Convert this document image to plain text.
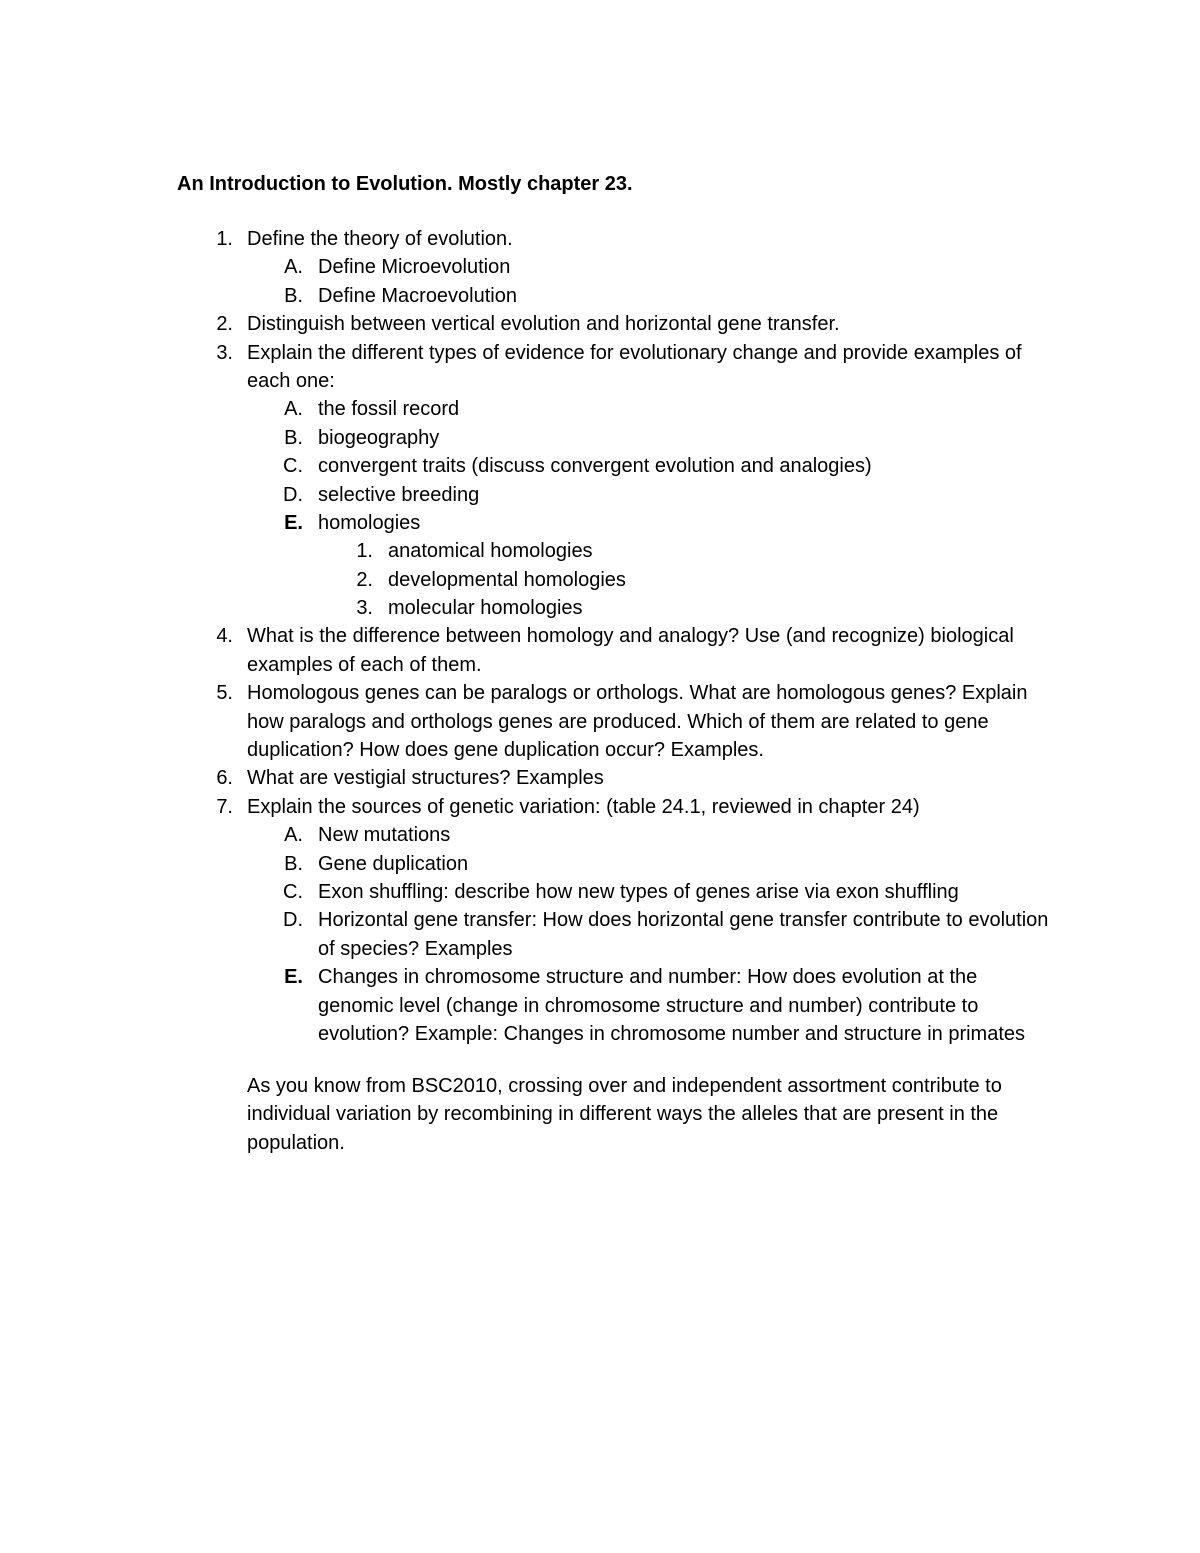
An Introduction to Evolution. Mostly chapter 23.
1. Define the theory of evolution.
A. Define Microevolution
B. Define Macroevolution
2. Distinguish between vertical evolution and horizontal gene transfer.
3. Explain the different types of evidence for evolutionary change and provide examples of
each one:
A. the fossil record
B. biogeography
C. convergent traits (discuss convergent evolution and analogies)
D. selective breeding
E. homologies
1. anatomical homologies
2. developmental homologies
3. molecular homologies
4. What is the difference between homology and analogy? Use (and recognize) biological
examples of each of them.
5. Homologous genes can be paralogs or orthologs. What are homologous genes? Explain
how paralogs and orthologs genes are produced. Which of them are related to gene
duplication? How does gene duplication occur? Examples.
6. What are vestigial structures? Examples
7. Explain the sources of genetic variation: (table 24.1, reviewed in chapter 24)
A. New mutations
B. Gene duplication
C. Exon shuffling: describe how new types of genes arise via exon shuffling
D. Horizontal gene transfer: How does horizontal gene transfer contribute to evolution
of species? Examples
E. Changes in chromosome structure and number: How does evolution at the
genomic level (change in chromosome structure and number) contribute to
evolution? Example: Changes in chromosome number and structure in primates
As you know from BSC2010, crossing over and independent assortment contribute to
individual variation by recombining in different ways the alleles that are present in the
population.
